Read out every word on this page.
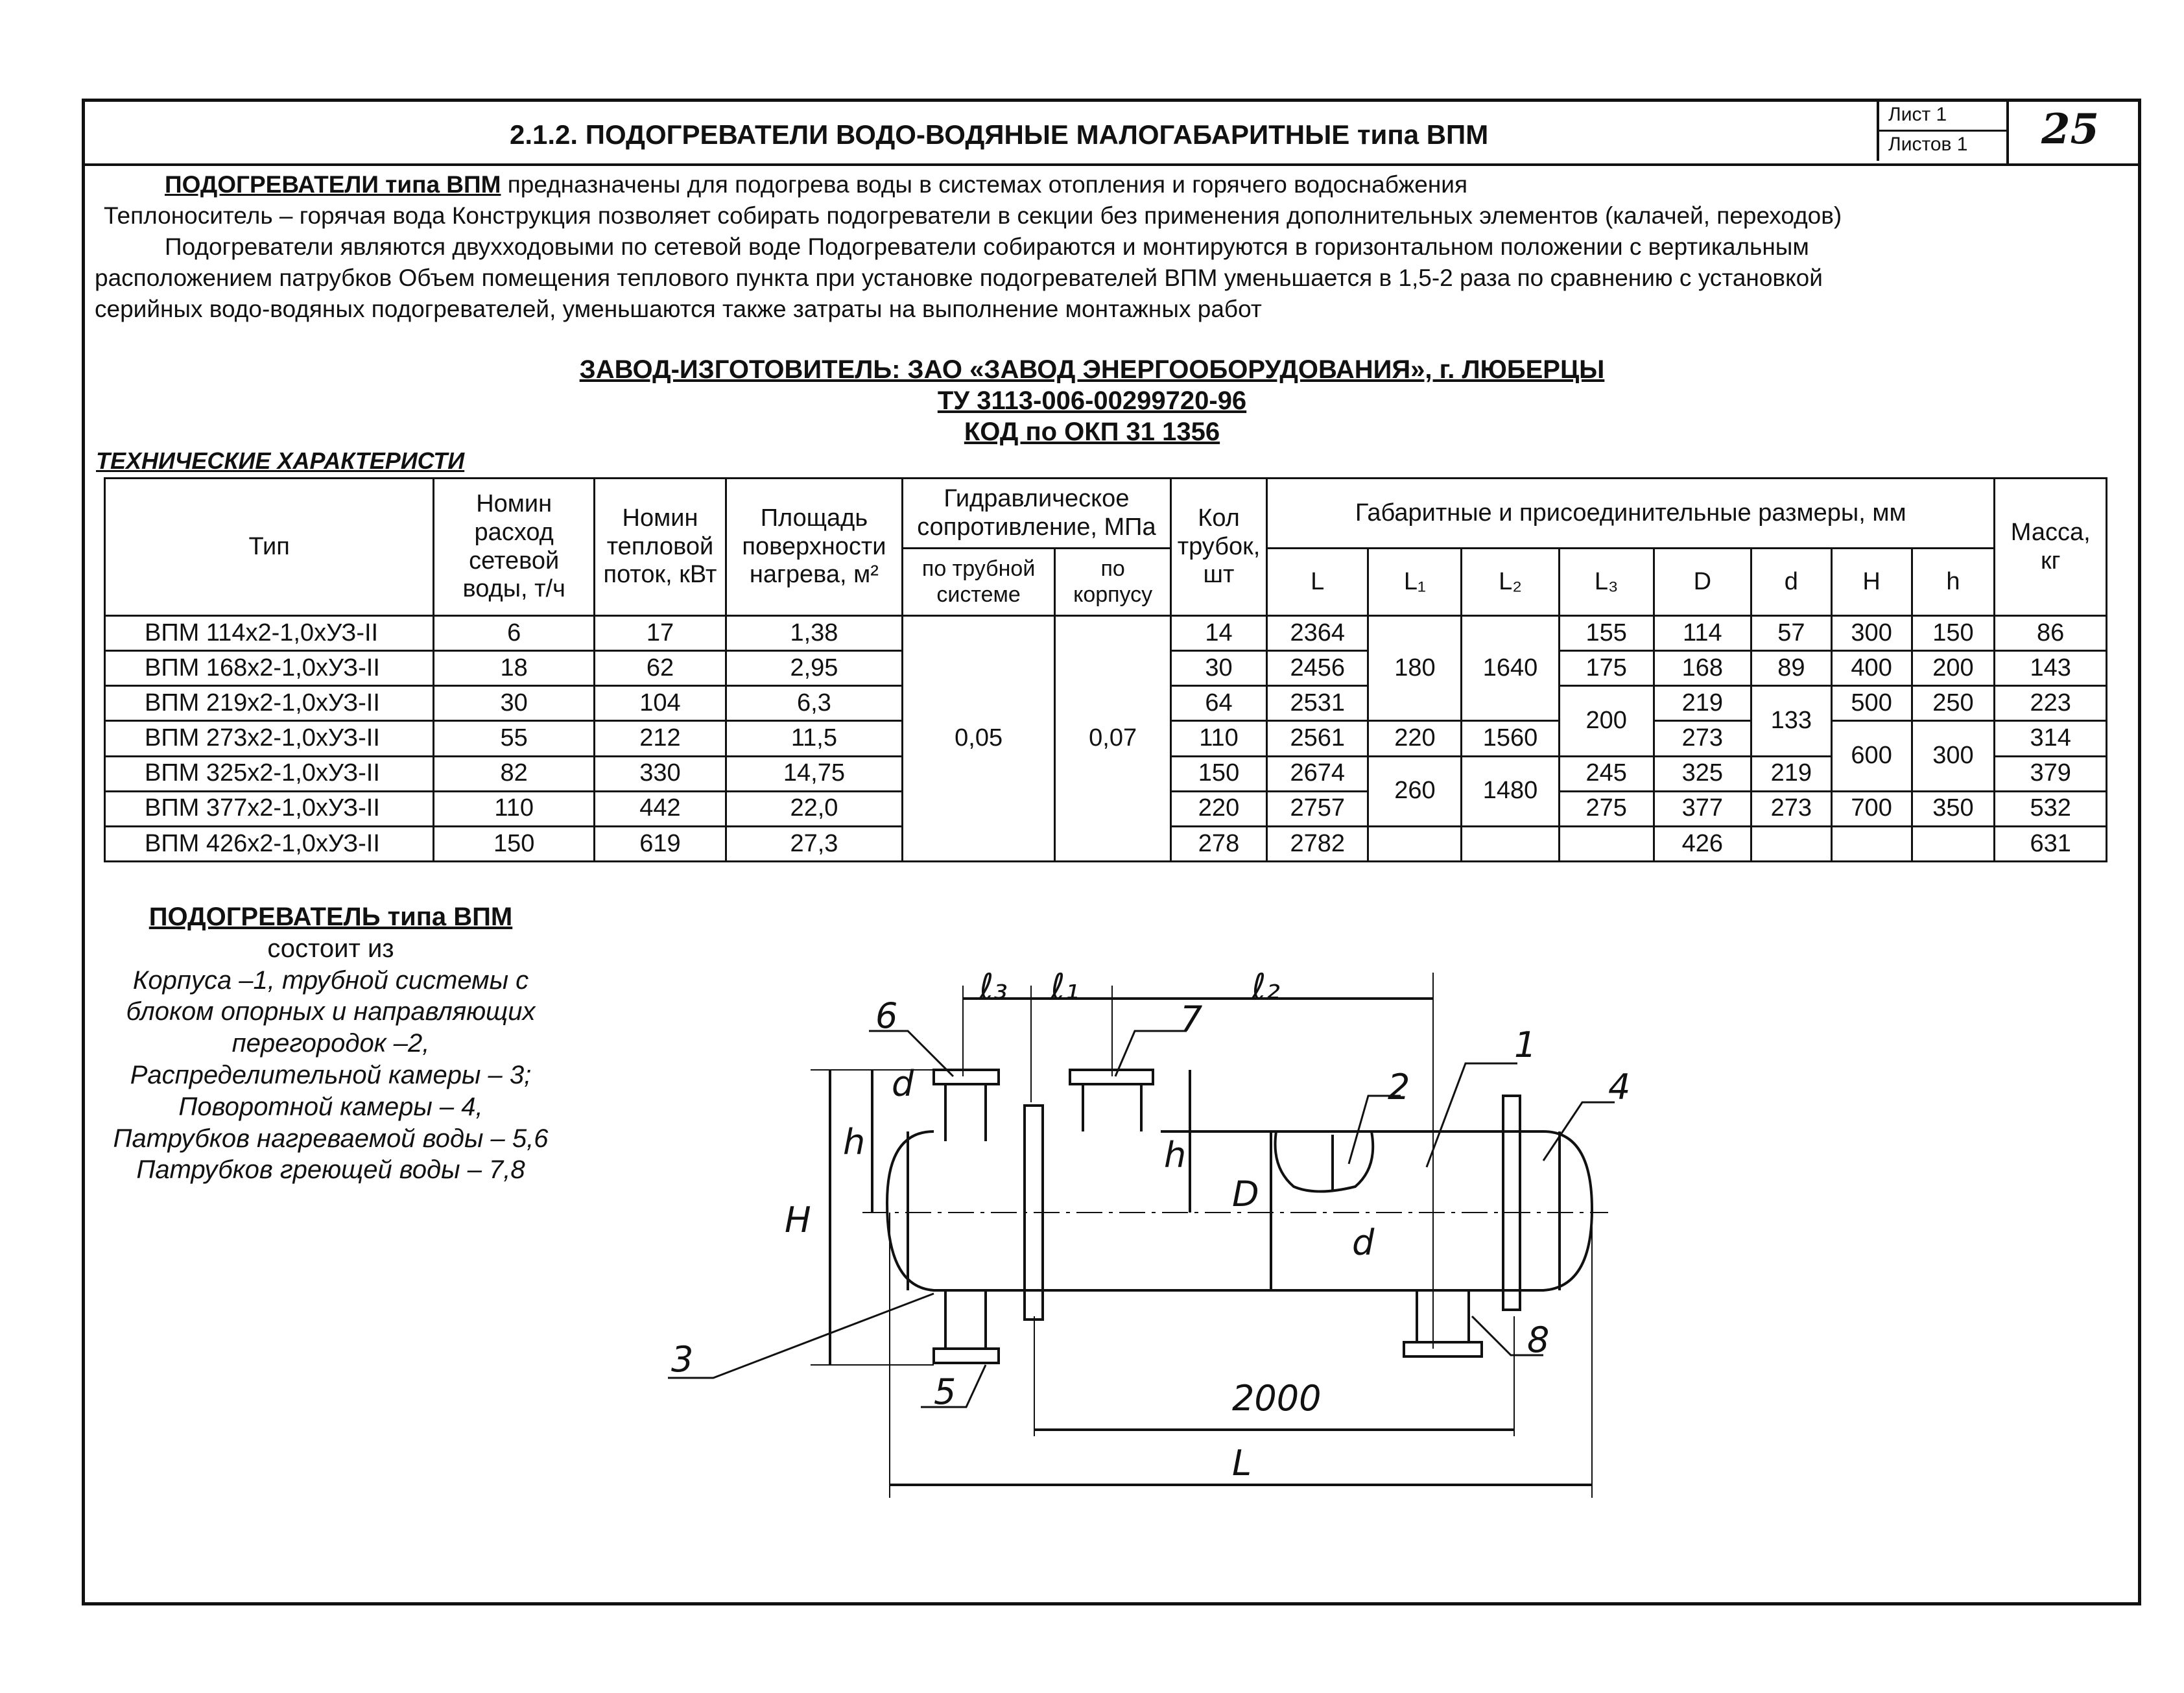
2.1.2. ПОДОГРЕВАТЕЛИ ВОДО-ВОДЯНЫЕ МАЛОГАБАРИТНЫЕ типа ВПМ
Лист 1
Листов 1 25

ПОДОГРЕВАТЕЛИ типа ВПМ предназначены для подогрева воды в системах отопления и горячего водоснабжения

Теплоноситель – горячая вода Конструкция позволяет собирать подогреватели в секции без применения дополнительных элементов (калачей, переходов)

Подогреватели являются двухходовыми по сетевой воде Подогреватели собираются и монтируются в горизонтальном положении с вертикальным

расположением патрубков Объем помещения теплового пункта при установке подогревателей ВПМ уменьшается в 1,5-2 раза по сравнению с установкой

серийных водо-водяных подогревателей, уменьшаются также затраты на выполнение монтажных работ

ЗАВОД-ИЗГОТОВИТЕЛЬ: ЗАО «ЗАВОД ЭНЕРГООБОРУДОВАНИЯ», г. ЛЮБЕРЦЫ
ТУ 3113-006-00299720-96
КОД по ОКП 31 1356
ТЕХНИЧЕСКИЕ ХАРАКТЕРИСТИ
Тип	Номин расход сетевой воды, т/ч	Номин тепловой поток, кВт	Площадь поверхности нагрева, м²	Гидравлическое сопротивление, МПа		Кол трубок, шт	Габаритные и присоединительные размеры, мм								Масса, кг
				по трубной системе	по корпусу		L	L₁	L₂	L₃	D	d	H	h	
ВПМ 114х2-1,0хУЗ-II	6	17	1,38	0,05	0,07	14	2364	180	1640	155	114	57	300	150	86
ВПМ 168х2-1,0хУЗ-II	18	62	2,95			30	2456			175	168	89	400	200	143
ВПМ 219х2-1,0хУЗ-II	30	104	6,3			64	2531			200	219	133	500	250	223
ВПМ 273х2-1,0хУЗ-II	55	212	11,5			110	2561	220	1560		273		600	300	314
ВПМ 325х2-1,0хУЗ-II	82	330	14,75			150	2674	260	1480	245	325	219			379
ВПМ 377х2-1,0хУЗ-II	110	442	22,0			220	2757			275	377	273	700	350	532
ВПМ 426х2-1,0хУЗ-II	150	619	27,3			278	2782				426				631
ПОДОГРЕВАТЕЛЬ типа ВПМ
состоит из
Корпуса –1, трубной системы с
блоком опорных и направляющих
перегородок –2,
Распределительной камеры – 3;
Поворотной камеры – 4,
Патрубков нагреваемой воды – 5,6
Патрубков греющей воды – 7,8
ℓ₃ ℓ₁	ℓ₂
2000
L
H
h	h
D
d
d
1
2
3
4
5
6	7
8
